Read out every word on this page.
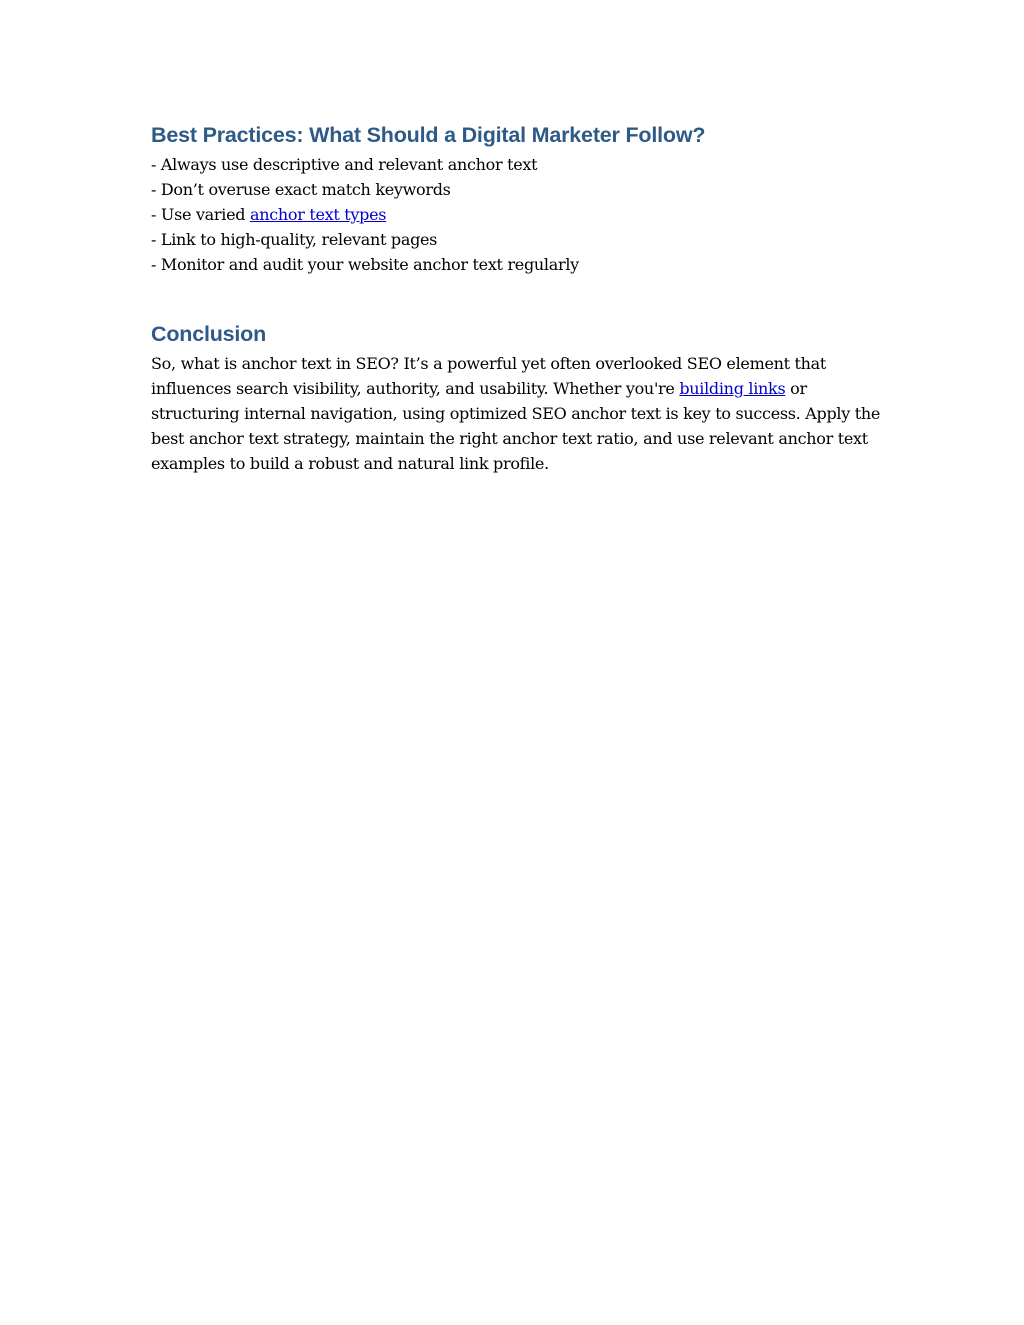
Best Practices: What Should a Digital Marketer Follow?
- Always use descriptive and relevant anchor text
- Don’t overuse exact match keywords
- Use varied anchor text types
- Link to high-quality, relevant pages
- Monitor and audit your website anchor text regularly
Conclusion

So, what is anchor text in SEO? It’s a powerful yet often overlooked SEO element that influences search visibility, authority, and usability. Whether you're building links or structuring internal navigation, using optimized SEO anchor text is key to success. Apply the best anchor text strategy, maintain the right anchor text ratio, and use relevant anchor text examples to build a robust and natural link profile.
